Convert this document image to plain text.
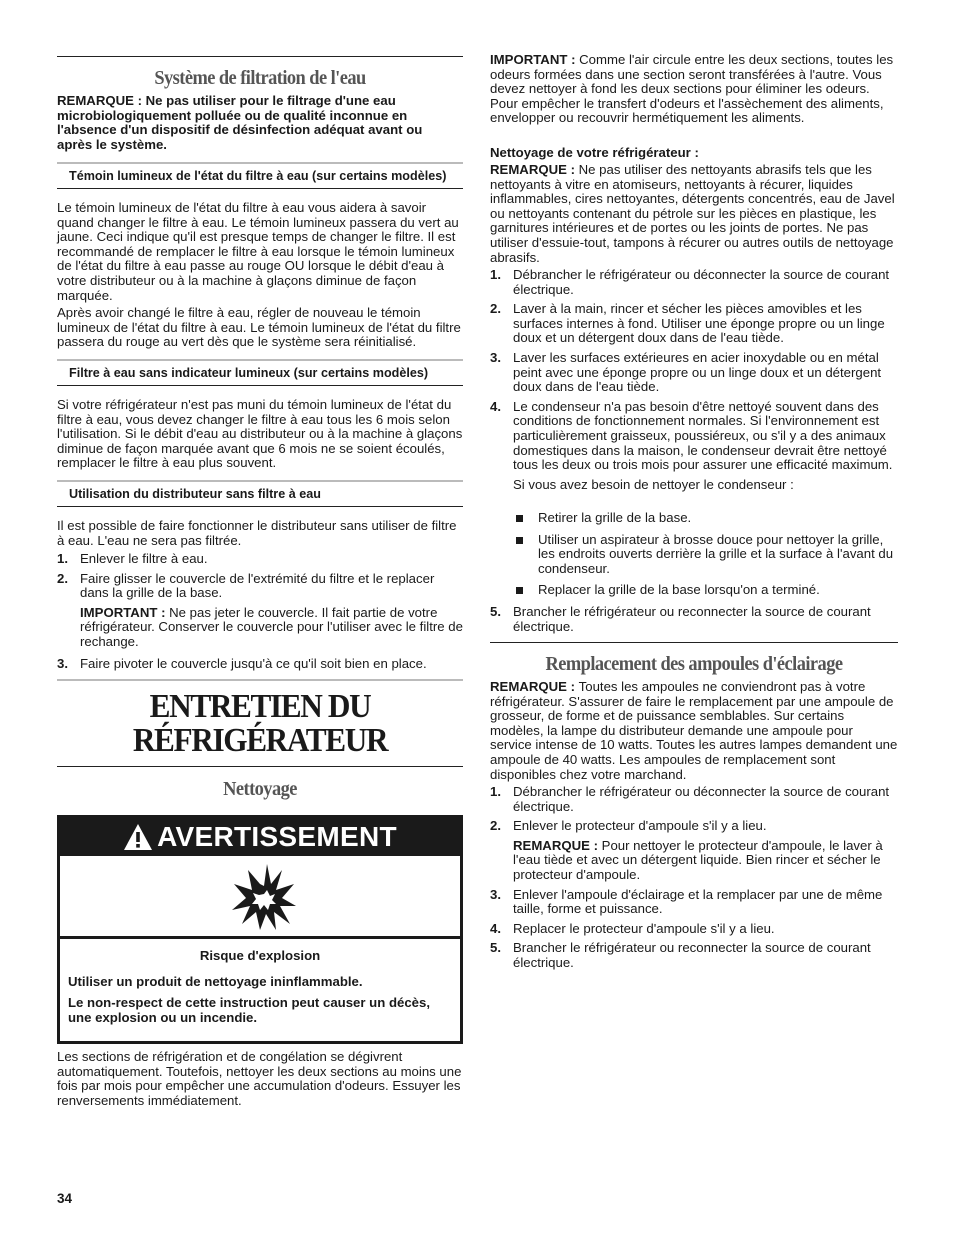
Système de filtration de l'eau

REMARQUE : Ne pas utiliser pour le filtrage d'une eau microbiologiquement polluée ou de qualité inconnue en l'absence d'un dispositif de désinfection adéquat avant ou après le système.

Témoin lumineux de l'état du filtre à eau (sur certains modèles)

Le témoin lumineux de l'état du filtre à eau vous aidera à savoir quand changer le filtre à eau. Le témoin lumineux passera du vert au jaune. Ceci indique qu'il est presque temps de changer le filtre. Il est recommandé de remplacer le filtre à eau lorsque le témoin lumineux de l'état du filtre à eau passe au rouge OU lorsque le débit d'eau à votre distributeur ou à la machine à glaçons diminue de façon marquée.

Après avoir changé le filtre à eau, régler de nouveau le témoin lumineux de l'état du filtre à eau. Le témoin lumineux de l'état du filtre passera du rouge au vert dès que le système sera réinitialisé.

Filtre à eau sans indicateur lumineux (sur certains modèles)

Si votre réfrigérateur n'est pas muni du témoin lumineux de l'état du filtre à eau, vous devez changer le filtre à eau tous les 6 mois selon l'utilisation. Si le débit d'eau au distributeur ou à la machine à glaçons diminue de façon marquée avant que 6 mois ne se soient écoulés, remplacer le filtre à eau plus souvent.

Utilisation du distributeur sans filtre à eau

Il est possible de faire fonctionner le distributeur sans utiliser de filtre à eau. L'eau ne sera pas filtrée.

1. Enlever le filtre à eau.
2. Faire glisser le couvercle de l'extrémité du filtre et le replacer dans la grille de la base.

IMPORTANT : Ne pas jeter le couvercle. Il fait partie de votre réfrigérateur. Conserver le couvercle pour l'utiliser avec le filtre de rechange.

3. Faire pivoter le couvercle jusqu'à ce qu'il soit bien en place.
ENTRETIEN DU
RÉFRIGÉRATEUR
Nettoyage
AVERTISSEMENT
Risque d'explosion

Utiliser un produit de nettoyage ininflammable.

Le non-respect de cette instruction peut causer un décès, une explosion ou un incendie.

Les sections de réfrigération et de congélation se dégivrent automatiquement. Toutefois, nettoyer les deux sections au moins une fois par mois pour empêcher une accumulation d'odeurs. Essuyer les renversements immédiatement.

IMPORTANT : Comme l'air circule entre les deux sections, toutes les odeurs formées dans une section seront transférées à l'autre. Vous devez nettoyer à fond les deux sections pour éliminer les odeurs. Pour empêcher le transfert d'odeurs et l'assèchement des aliments, envelopper ou recouvrir hermétiquement les aliments.

Nettoyage de votre réfrigérateur :

REMARQUE : Ne pas utiliser des nettoyants abrasifs tels que les nettoyants à vitre en atomiseurs, nettoyants à récurer, liquides inflammables, cires nettoyantes, détergents concentrés, eau de Javel ou nettoyants contenant du pétrole sur les pièces en plastique, les garnitures intérieures et de portes ou les joints de portes. Ne pas utiliser d'essuie-tout, tampons à récurer ou autres outils de nettoyage abrasifs.

1. Débrancher le réfrigérateur ou déconnecter la source de courant électrique.
2. Laver à la main, rincer et sécher les pièces amovibles et les surfaces internes à fond. Utiliser une éponge propre ou un linge doux et un détergent doux dans de l'eau tiède.
3. Laver les surfaces extérieures en acier inoxydable ou en métal peint avec une éponge propre ou un linge doux et un détergent doux dans de l'eau tiède.
4. Le condenseur n'a pas besoin d'être nettoyé souvent dans des conditions de fonctionnement normales. Si l'environnement est particulièrement graisseux, poussiéreux, ou s'il y a des animaux domestiques dans la maison, le condenseur devrait être nettoyé tous les deux ou trois mois pour assurer une efficacité maximum.

Si vous avez besoin de nettoyer le condenseur :

Retirer la grille de la base.
Utiliser un aspirateur à brosse douce pour nettoyer la grille, les endroits ouverts derrière la grille et la surface à l'avant du condenseur.
Replacer la grille de la base lorsqu'on a terminé.
5. Brancher le réfrigérateur ou reconnecter la source de courant électrique.
Remplacement des ampoules d'éclairage

REMARQUE : Toutes les ampoules ne conviendront pas à votre réfrigérateur. S'assurer de faire le remplacement par une ampoule de grosseur, de forme et de puissance semblables. Sur certains modèles, la lampe du distributeur demande une ampoule pour service intense de 10 watts. Toutes les autres lampes demandent une ampoule de 40 watts. Les ampoules de remplacement sont disponibles chez votre marchand.

1. Débrancher le réfrigérateur ou déconnecter la source de courant électrique.
2. Enlever le protecteur d'ampoule s'il y a lieu.

REMARQUE : Pour nettoyer le protecteur d'ampoule, le laver à l'eau tiède et avec un détergent liquide. Bien rincer et sécher le protecteur d'ampoule.

3. Enlever l'ampoule d'éclairage et la remplacer par une de même taille, forme et puissance.
4. Replacer le protecteur d'ampoule s'il y a lieu.
5. Brancher le réfrigérateur ou reconnecter la source de courant électrique.
34
